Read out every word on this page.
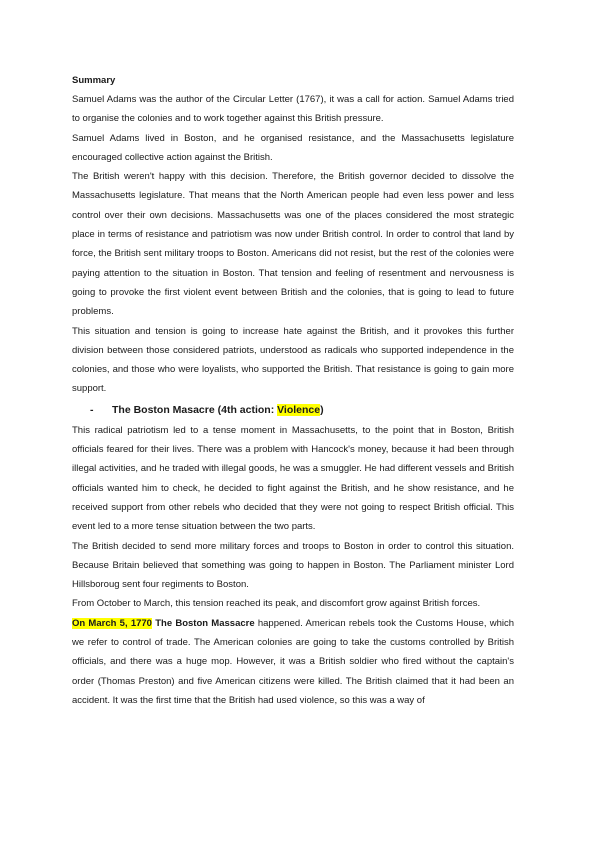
Summary

Samuel Adams was the author of the Circular Letter (1767), it was a call for action. Samuel Adams tried to organise the colonies and to work together against this British pressure.

Samuel Adams lived in Boston, and he organised resistance, and the Massachusetts legislature encouraged collective action against the British.

The British weren't happy with this decision. Therefore, the British governor decided to dissolve the Massachusetts legislature. That means that the North American people had even less power and less control over their own decisions. Massachusetts was one of the places considered the most strategic place in terms of resistance and patriotism was now under British control. In order to control that land by force, the British sent military troops to Boston. Americans did not resist, but the rest of the colonies were paying attention to the situation in Boston. That tension and feeling of resentment and nervousness is going to provoke the first violent event between British and the colonies, that is going to lead to future problems.

This situation and tension is going to increase hate against the British, and it provokes this further division between those considered patriots, understood as radicals who supported independence in the colonies, and those who were loyalists, who supported the British. That resistance is going to gain more support.

-	The Boston Masacre (4th action: Violence)

This radical patriotism led to a tense moment in Massachusetts, to the point that in Boston, British officials feared for their lives. There was a problem with Hancock's money, because it had been through illegal activities, and he traded with illegal goods, he was a smuggler. He had different vessels and British officials wanted him to check, he decided to fight against the British, and he show resistance, and he received support from other rebels who decided that they were not going to respect British official. This event led to a more tense situation between the two parts.

The British decided to send more military forces and troops to Boston in order to control this situation. Because Britain believed that something was going to happen in Boston. The Parliament minister Lord Hillsboroug sent four regiments to Boston.

From October to March, this tension reached its peak, and discomfort grow against British forces.

On March 5, 1770 The Boston Massacre happened. American rebels took the Customs House, which we refer to control of trade. The American colonies are going to take the customs controlled by British officials, and there was a huge mop. However, it was a British soldier who fired without the captain's order (Thomas Preston) and five American citizens were killed. The British claimed that it had been an accident. It was the first time that the British had used violence, so this was a way of
